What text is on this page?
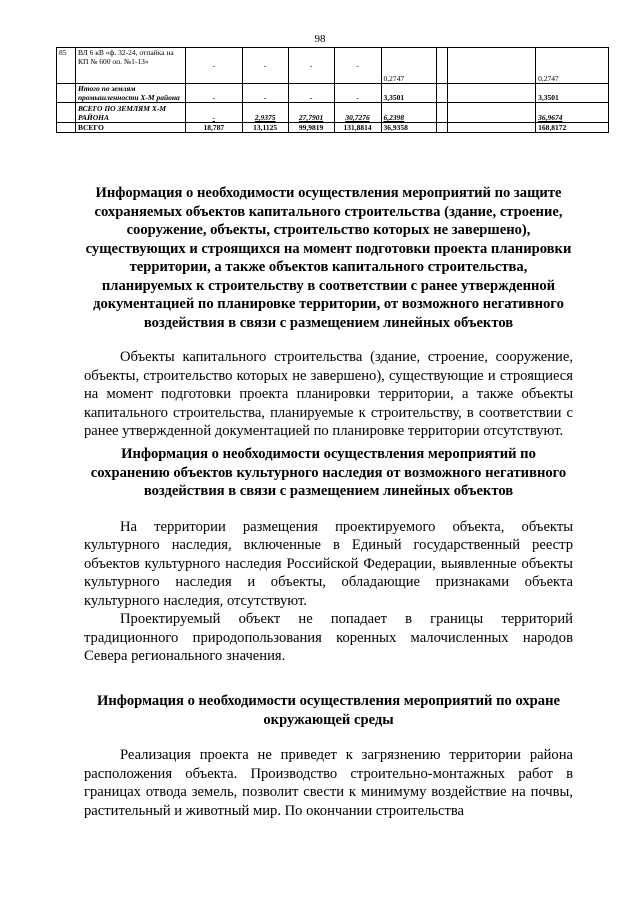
98
85	ВЛ 6 кВ «ф. 32-24, отпайка на КП № 600 оп. №1-13»	-	-	-	-	0,2747			0,2747
	Итого по землям промышленности Х-М района	-	-	-	-	3,3501			3,3501
	ВСЕГО ПО ЗЕМЛЯМ Х-М РАЙОНА	-	2,9375	27,7901	30,7276	6,2398			36,9674
	ВСЕГО	18,787	13,1125	99,9819	131,8814	36,9358			168,8172

Информация о необходимости осуществления мероприятий по защите сохраняемых объектов капитального строительства (здание, строение, сооружение, объекты, строительство которых не завершено), существующих и строящихся на момент подготовки проекта планировки территории, а также объектов капитального строительства, планируемых к строительству в соответствии с ранее утвержденной документацией по планировке территории, от возможного негативного воздействия в связи с размещением линейных объектов

Объекты капитального строительства (здание, строение, сооружение, объекты, строительство которых не завершено), существующие и строящиеся на момент подготовки проекта планировки территории, а также объекты капитального строительства, планируемые к строительству, в соответствии с ранее утвержденной документацией по планировке территории отсутствуют.

Информация о необходимости осуществления мероприятий по сохранению объектов культурного наследия от возможного негативного воздействия в связи с размещением линейных объектов

На территории размещения проектируемого объекта, объекты культурного наследия, включенные в Единый государственный реестр объектов культурного наследия Российской Федерации, выявленные объекты культурного наследия и объекты, обладающие признаками объекта культурного наследия, отсутствуют.

Проектируемый объект не попадает в границы территорий традиционного природопользования коренных малочисленных народов Севера регионального значения.

Информация о необходимости осуществления мероприятий по охране окружающей среды

Реализация проекта не приведет к загрязнению территории района расположения объекта. Производство строительно-монтажных работ в границах отвода земель, позволит свести к минимуму воздействие на почвы, растительный и животный мир. По окончании строительства
